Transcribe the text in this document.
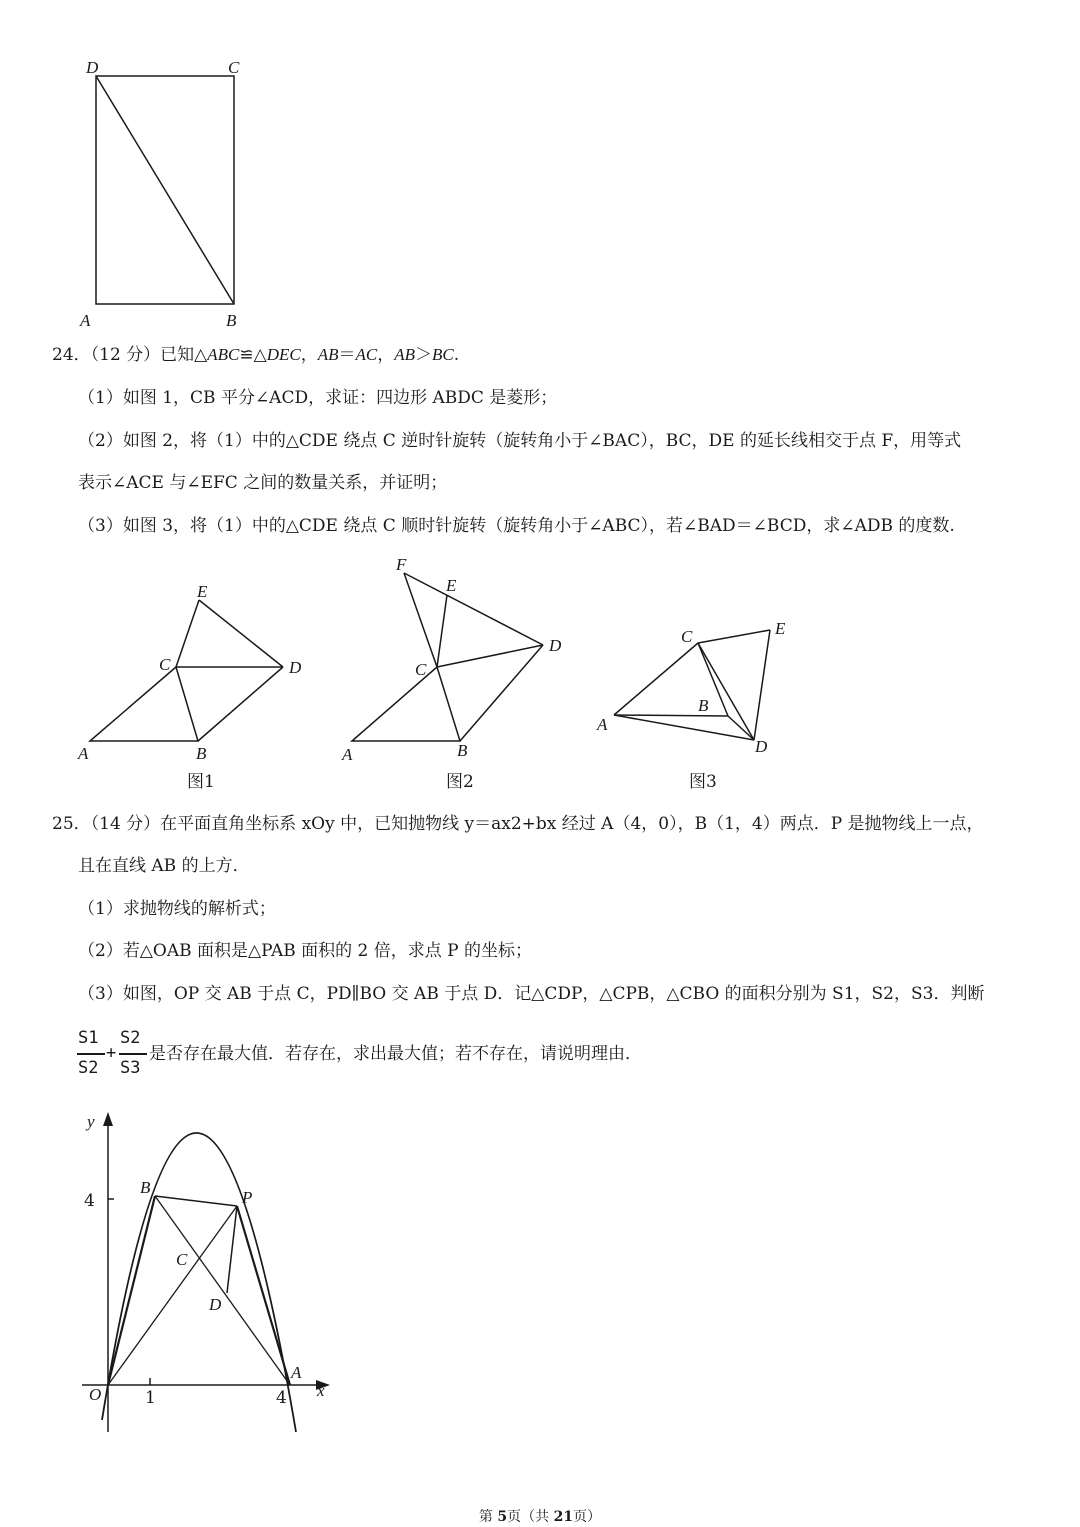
D	C
A	B
E
C	D
A	B
图1
F
E
D
C
A	B
图2
C	E
B
A
D
图3
y
x
O
B
P
C
D
A
4
1	4
24．（12 分）已知△ABC≌△DEC，AB＝AC，AB＞BC.
（1）如图 1，CB 平分∠ACD，求证：四边形 ABDC 是菱形；
（2）如图 2，将（1）中的△CDE 绕点 C 逆时针旋转（旋转角小于∠BAC），BC，DE 的延长线相交于点 F，用等式
表示∠ACE 与∠EFC 之间的数量关系，并证明；
（3）如图 3，将（1）中的△CDE 绕点 C 顺时针旋转（旋转角小于∠ABC），若∠BAD＝∠BCD，求∠ADB 的度数.
25．（14 分）在平面直角坐标系 xOy 中，已知抛物线 y＝ax2+bx 经过 A（4，0），B（1，4）两点．P 是抛物线上一点，
且在直线 AB 的上方．
（1）求抛物线的解析式；
（2）若△OAB 面积是△PAB 面积的 2 倍，求点 P 的坐标；
（3）如图，OP 交 AB 于点 C，PD∥BO 交 AB 于点 D．记△CDP，△CPB，△CBO 的面积分别为 S1，S2，S3．判断
S1
S2
+
S2
S3
是否存在最大值．若存在，求出最大值；若不存在，请说明理由．
第 5页（共 21页）
